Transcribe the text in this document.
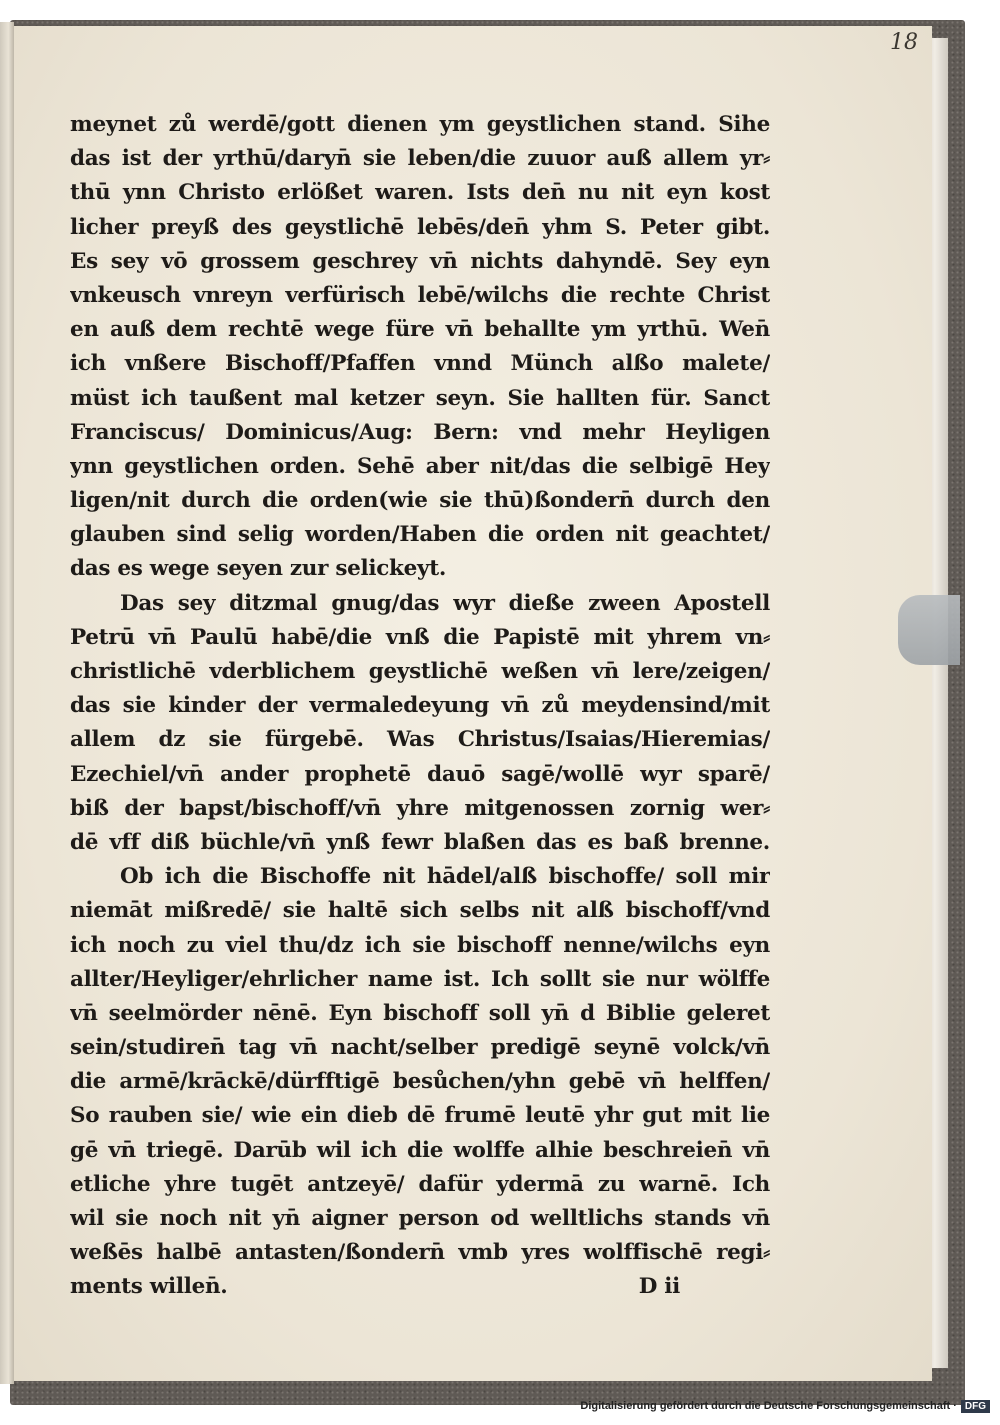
18
meynet zů werdē/gott dienen ym geystlichen stand. Sihe
das ist der yrthū/daryn̄ sie leben/die zuuor auß allem yr⸗
thū ynn Christo erlößet waren. Ists den̄ nu nit eyn kost
licher preyß des geystlichē lebēs/den̄ yhm S. Peter gibt.
Es sey vō grossem geschrey vn̄ nichts dahyndē. Sey eyn
vnkeusch vnreyn verfürisch lebē/wilchs die rechte Christ
en auß dem rechtē wege füre vn̄ behallte ym yrthū. Wen̄
ich vnßere Bischoff/Pfaffen vnnd Münch alßo malete/
müst ich taußent mal ketzer seyn. Sie hallten für. Sanct
Franciscus/ Dominicus/Aug: Bern: vnd mehr Heyligen
ynn geystlichen orden. Sehē aber nit/das die selbigē Hey
ligen/nit durch die orden(wie sie thū)ßondern̄ durch den
glauben sind selig worden/Haben die orden nit geachtet/
das es wege seyen zur selickeyt.
Das sey ditzmal gnug/das wyr dieße zween Apostell
Petrū vn̄ Paulū habē/die vnß die Papistē mit yhrem vn⸗
christlichē vderblichem geystlichē weßen vn̄ lere/zeigen/
das sie kinder der vermaledeyung vn̄ zů meydensind/mit
allem dz sie fürgebē. Was Christus/Isaias/Hieremias/
Ezechiel/vn̄ ander prophetē dauō sagē/wollē wyr sparē/
biß der bapst/bischoff/vn̄ yhre mitgenossen zornig wer⸗
dē vff diß büchle/vn̄ ynß fewr blaßen das es baß brenne.
Ob ich die Bischoffe nit hādel/alß bischoffe/ soll mir
niemāt mißredē/ sie haltē sich selbs nit alß bischoff/vnd
ich noch zu viel thu/dz ich sie bischoff nenne/wilchs eyn
allter/Heyliger/ehrlicher name ist. Ich sollt sie nur wölffe
vn̄ seelmörder nēnē. Eyn bischoff soll yn̄ d Biblie geleret
sein/studiren̄ tag vn̄ nacht/selber predigē seynē volck/vn̄
die armē/krāckē/dürfftigē besůchen/yhn gebē vn̄ helffen/
So rauben sie/ wie ein dieb dē frumē leutē yhr gut mit lie
gē vn̄ triegē. Darūb wil ich die wolffe alhie beschreien̄ vn̄
etliche yhre tugēt antzeyē/ dafür ydermā zu warnē. Ich
wil sie noch nit yn̄ aigner person od welltlichs stands vn̄
weßēs halbē antasten/ßondern̄ vmb yres wolffischē regi⸗
ments willen̄.	D ii
Digitalisierung gefördert durch die Deutsche Forschungsgemeinschaft · DFG
